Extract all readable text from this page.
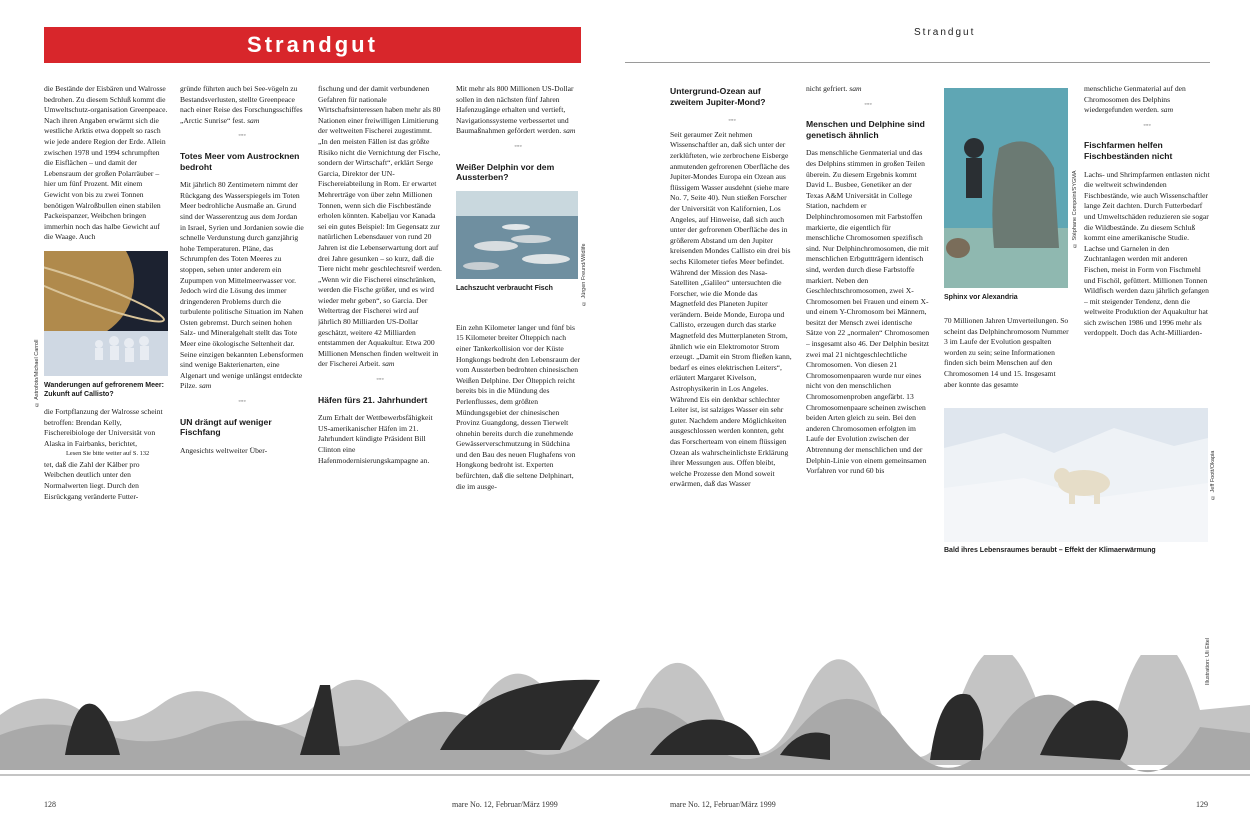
Strandgut	Strandgut

die Bestände der Eisbären und Walrosse bedrohen. Zu diesem Schluß kommt die Umweltschutz-organisation Greenpeace. Nach ihren Angaben erwärmt sich die westliche Arktis etwa doppelt so rasch wie jede andere Region der Erde. Allein zwischen 1978 und 1994 schrumpften die Eisflächen – und damit der Lebensraum der großen Polarräuber – hier um fünf Prozent. Mit einem Gewicht von bis zu zwei Tonnen benötigen Walroßbullen einen stabilen Packeispanzer, Weibchen bringen immerhin noch das halbe Gewicht auf die Waage. Auch

Wanderungen auf gefrorenem Meer: Zukunft auf Callisto?

die Fortpflanzung der Walrosse scheint betroffen: Brendan Kelly, Fischereibiologe der Universität von Alaska in Fairbanks, berichtet,

Lesen Sie bitte weiter auf S. 132

tet, daß die Zahl der Kälber pro Weibchen deutlich unter den Normalwerten liegt. Durch den Eisrückgang veränderte Futter-

© Astrofoto/Michael Carroll

gründe führten auch bei See-vögeln zu Bestandsverlusten, stellte Greenpeace nach einer Reise des Forschungsschiffes „Arctic Sunrise“ fest. sam

◦◦◦
Totes Meer vom Austrocknen bedroht

Mit jährlich 80 Zentimetern nimmt der Rückgang des Wasserspiegels im Toten Meer bedrohliche Ausmaße an. Grund sind der Wasserentzug aus dem Jordan in Israel, Syrien und Jordanien sowie die schnelle Verdunstung durch ganzjährig hohe Temperaturen. Pläne, das Schrumpfen des Toten Meeres zu stoppen, sehen unter anderem ein Zupumpen von Mittelmeerwasser vor. Jedoch wird die Lösung des immer dringenderen Problems durch die turbulente politische Situation im Nahen Osten gebremst. Durch seinen hohen Salz- und Mineralgehalt stellt das Tote Meer eine ökologische Seltenheit dar. Seine einzigen bekannten Lebensformen sind wenige Bakterienarten, eine Algenart und wenige unlängst entdeckte Pilze. sam

◦◦◦
UN drängt auf weniger Fischfang

Angesichts weltweiter Über-

fischung und der damit verbundenen Gefahren für nationale Wirtschaftsinteressen haben mehr als 80 Nationen einer freiwilligen Limitierung der weltweiten Fischerei zugestimmt. „In den meisten Fällen ist das größte Risiko nicht die Vernichtung der Fische, sondern der Wirtschaft“, erklärt Serge Garcia, Direktor der UN-Fischereiabteilung in Rom. Er erwartet Mehrerträge von über zehn Millionen Tonnen, wenn sich die Fischbestände erholen könnten. Kabeljau vor Kanada sei ein gutes Beispiel: Im Gegensatz zur natürlichen Lebensdauer von rund 20 Jahren ist die Lebenserwartung dort auf drei Jahre gesunken – so kurz, daß die Tiere nicht mehr geschlechtsreif werden. „Wenn wir die Fischerei einschränken, werden die Fische größer, und es wird wieder mehr geben“, so Garcia. Der Weltertrag der Fischerei wird auf jährlich 80 Milliarden US-Dollar geschätzt, weitere 42 Milliarden entstammen der Aquakultur. Etwa 200 Millionen Menschen finden weltweit in der Fischerei Arbeit. sam

◦◦◦
Häfen fürs 21. Jahrhundert

Zum Erhalt der Wettbewerbsfähigkeit US-amerikanischer Häfen im 21. Jahrhundert kündigte Präsident Bill Clinton eine Hafenmodernisierungskampagne an.

Mit mehr als 800 Millionen US-Dollar sollen in den nächsten fünf Jahren Hafenzugänge erhalten und vertieft, Navigationssysteme verbessertet und Baumaßnahmen gefördert werden. sam

◦◦◦
Weißer Delphin vor dem Aussterben?
Lachszucht verbraucht Fisch

Ein zehn Kilometer langer und fünf bis 15 Kilometer breiter Ölteppich nach einer Tankerkollision vor der Küste Hongkongs bedroht den Lebensraum der vom Aussterben bedrohten chinesischen Weißen Delphine. Der Ölteppich reicht bereits bis in die Mündung des Perlenflusses, dem größten Mündungsgebiet der chinesischen Provinz Guangdong, dessen Tierwelt ohnehin bereits durch die zunehmende Gewässerverschmutzung in Südchina und den Bau des neuen Flughafens von Hongkong bedroht ist. Experten befürchten, daß die seltene Delphinart, die im ausge-

© Jürgen Freund/Wildlife
Untergrund-Ozean auf zweitem Jupiter-Mond?
◦◦◦

Seit geraumer Zeit nehmen Wissenschaftler an, daß sich unter der zerklüfteten, wie zerbrochene Eisberge anmutenden gefrorenen Oberfläche des Jupiter-Mondes Europa ein Ozean aus flüssigem Wasser ausdehnt (siehe mare No. 7, Seite 40). Nun stießen Forscher der Universität von Kalifornien, Los Angeles, auf Hinweise, daß sich auch unter der gefrorenen Oberfläche des in größerem Abstand um den Jupiter kreisenden Mondes Callisto ein drei bis sechs Kilometer tiefes Meer befindet. Während der Mission des Nasa-Satelliten „Galileo“ untersuchten die Forscher, wie die Monde das Magnetfeld des Planeten Jupiter verändern. Beide Monde, Europa und Callisto, erzeugen durch das starke Magnetfeld des Mutterplaneten Strom, ähnlich wie ein Elektromotor Strom erzeugt. „Damit ein Strom fließen kann, bedarf es eines elektrischen Leiters“, erläutert Margaret Kivelson, Astrophysikerin in Los Angeles. Während Eis ein denkbar schlechter Leiter ist, ist salziges Wasser ein sehr guter. Nachdem andere Möglichkeiten ausgeschlossen werden konnten, geht das Forscherteam von einem flüssigen Ozean als wahrscheinlichste Erklärung ihrer Messungen aus. Offen bleibt, welche Prozesse den Mond soweit erwärmen, daß das Wasser

nicht gefriert. sam

◦◦◦
Menschen und Delphine sind genetisch ähnlich

Das menschliche Genmaterial und das des Delphins stimmen in großen Teilen überein. Zu diesem Ergebnis kommt David L. Busbee, Genetiker an der Texas A&M Universität in College Station, nachdem er Delphinchromosomen mit Farbstoffen markierte, die eigentlich für menschliche Chromosomen spezifisch sind. Nur Delphinchromosomen, die mit menschlichen Erbguttträgern identisch sind, werden durch diese Farbstoffe markiert. Neben den Geschlechtschromosomen, zwei X-Chromosomen bei Frauen und einem X- und einem Y-Chromosom bei Männern, besitzt der Mensch zwei identische Sätze von 22 „normalen“ Chromosomen – insgesamt also 46. Der Delphin besitzt zwei mal 21 nichtgeschlechtliche Chromosomen. Von diesen 21 Chromosomenpaaren wurde nur eines nicht von den menschlichen Chromosomenproben angefärbt. 13 Chromosomenpaare scheinen zwischen beiden Arten gleich zu sein. Bei den anderen Chromosomen erfolgten im Laufe der Evolution zwischen der Abtrennung der menschlichen und der Delphin-Linie von einem gemeinsamen Vorfahren vor rund 60 bis

Sphinx vor Alexandria

70 Millionen Jahren Umverteilungen. So scheint das Delphinchromosom Nummer 3 im Laufe der Evolution gespalten worden zu sein; seine Informationen finden sich beim Menschen auf den Chromosomen 14 und 15. Insgesamt aber konnte das gesamte

© Stéphane Compoint/SYGMA

menschliche Genmaterial auf den Chromosomen des Delphins wiedergefunden werden. sam

◦◦◦
Fischfarmen helfen Fischbeständen nicht

Lachs- und Shrimpfarmen entlasten nicht die weltweit schwindenden Fischbestände, wie auch Wissenschaftler lange Zeit dachten. Durch Futterbedarf und Umweltschäden reduzieren sie sogar die Wildbestände. Zu diesem Schluß kommt eine amerikanische Studie. Lachse und Garnelen in den Zuchtanlagen werden mit anderen Fischen, meist in Form von Fischmehl und Fischöl, gefüttert. Millionen Tonnen Wildfisch werden dazu jährlich gefangen – mit steigender Tendenz, denn die weltweite Produktion der Aquakultur hat sich zwischen 1986 und 1996 mehr als verdoppelt. Doch das Acht-Milliarden-

Bald ihres Lebensraumes beraubt – Effekt der Klimaerwärmung
© Jeff Foott/Okapia
Illustration: Uli Ettel
128	mare No. 12, Februar/März 1999	mare No. 12, Februar/März 1999	129
